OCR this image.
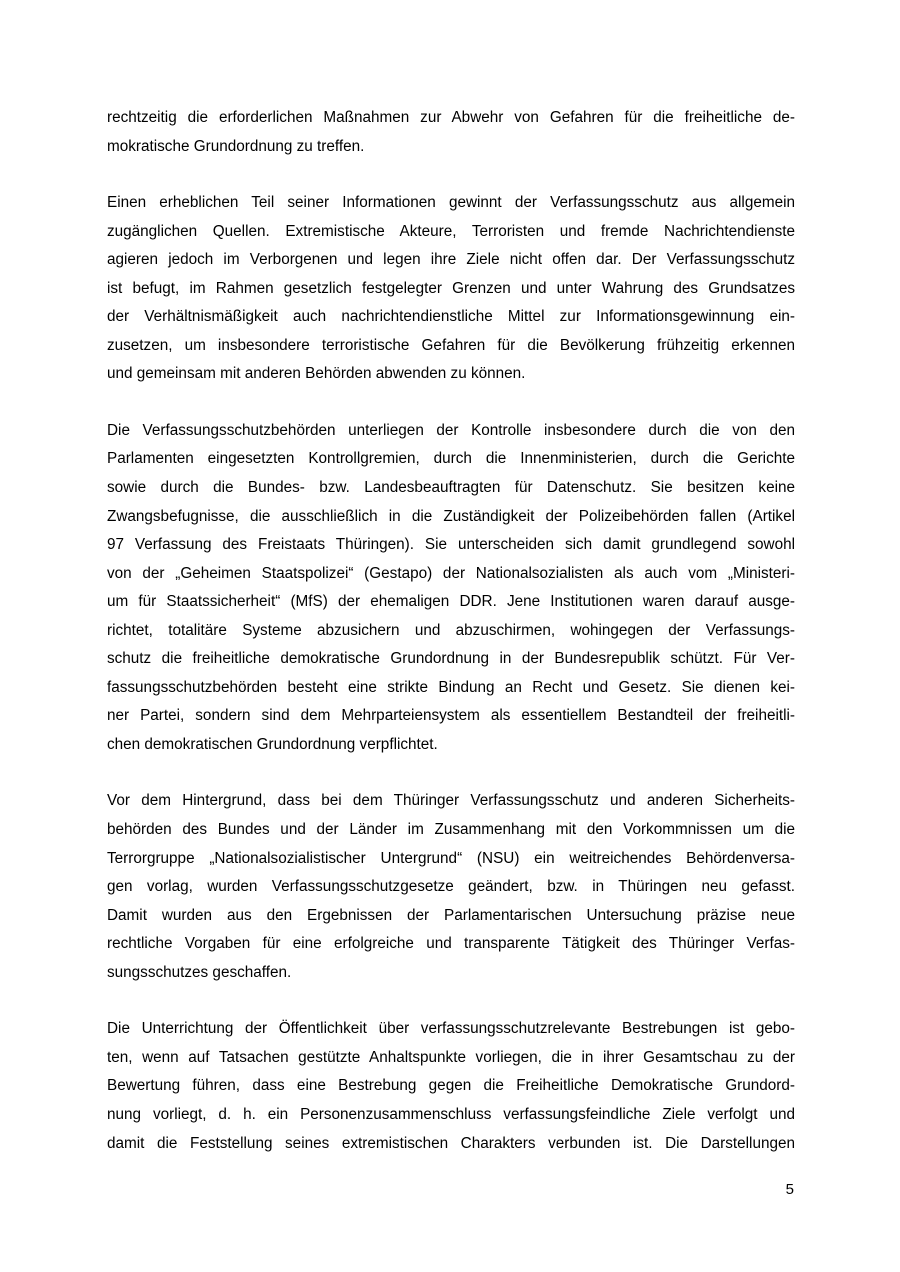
rechtzeitig die erforderlichen Maßnahmen zur Abwehr von Gefahren für die freiheitliche de-
mokratische Grundordnung zu treffen.

Einen erheblichen Teil seiner Informationen gewinnt der Verfassungsschutz aus allgemein
zugänglichen Quellen. Extremistische Akteure, Terroristen und fremde Nachrichtendienste
agieren jedoch im Verborgenen und legen ihre Ziele nicht offen dar. Der Verfassungsschutz
ist befugt, im Rahmen gesetzlich festgelegter Grenzen und unter Wahrung des Grundsatzes
der Verhältnismäßigkeit auch nachrichtendienstliche Mittel zur Informationsgewinnung ein-
zusetzen, um insbesondere terroristische Gefahren für die Bevölkerung frühzeitig erkennen
und gemeinsam mit anderen Behörden abwenden zu können.

Die Verfassungsschutzbehörden unterliegen der Kontrolle insbesondere durch die von den
Parlamenten eingesetzten Kontrollgremien, durch die Innenministerien, durch die Gerichte
sowie durch die Bundes- bzw. Landesbeauftragten für Datenschutz. Sie besitzen keine
Zwangsbefugnisse, die ausschließlich in die Zuständigkeit der Polizeibehörden fallen (Artikel
97 Verfassung des Freistaats Thüringen). Sie unterscheiden sich damit grundlegend sowohl
von der „Geheimen Staatspolizei“ (Gestapo) der Nationalsozialisten als auch vom „Ministeri-
um für Staatssicherheit“ (MfS) der ehemaligen DDR. Jene Institutionen waren darauf ausge-
richtet, totalitäre Systeme abzusichern und abzuschirmen, wohingegen der Verfassungs-
schutz die freiheitliche demokratische Grundordnung in der Bundesrepublik schützt. Für Ver-
fassungsschutzbehörden besteht eine strikte Bindung an Recht und Gesetz. Sie dienen kei-
ner Partei, sondern sind dem Mehrparteiensystem als essentiellem Bestandteil der freiheitli-
chen demokratischen Grundordnung verpflichtet.

Vor dem Hintergrund, dass bei dem Thüringer Verfassungsschutz und anderen Sicherheits-
behörden des Bundes und der Länder im Zusammenhang mit den Vorkommnissen um die
Terrorgruppe „Nationalsozialistischer Untergrund“ (NSU) ein weitreichendes Behördenversa-
gen vorlag, wurden Verfassungsschutzgesetze geändert, bzw. in Thüringen neu gefasst.
Damit wurden aus den Ergebnissen der Parlamentarischen Untersuchung präzise neue
rechtliche Vorgaben für eine erfolgreiche und transparente Tätigkeit des Thüringer Verfas-
sungsschutzes geschaffen.

Die Unterrichtung der Öffentlichkeit über verfassungsschutzrelevante Bestrebungen ist gebo-
ten, wenn auf Tatsachen gestützte Anhaltspunkte vorliegen, die in ihrer Gesamtschau zu der
Bewertung führen, dass eine Bestrebung gegen die Freiheitliche Demokratische Grundord-
nung vorliegt, d. h. ein Personenzusammenschluss verfassungsfeindliche Ziele verfolgt und
damit die Feststellung seines extremistischen Charakters verbunden ist. Die Darstellungen

5
